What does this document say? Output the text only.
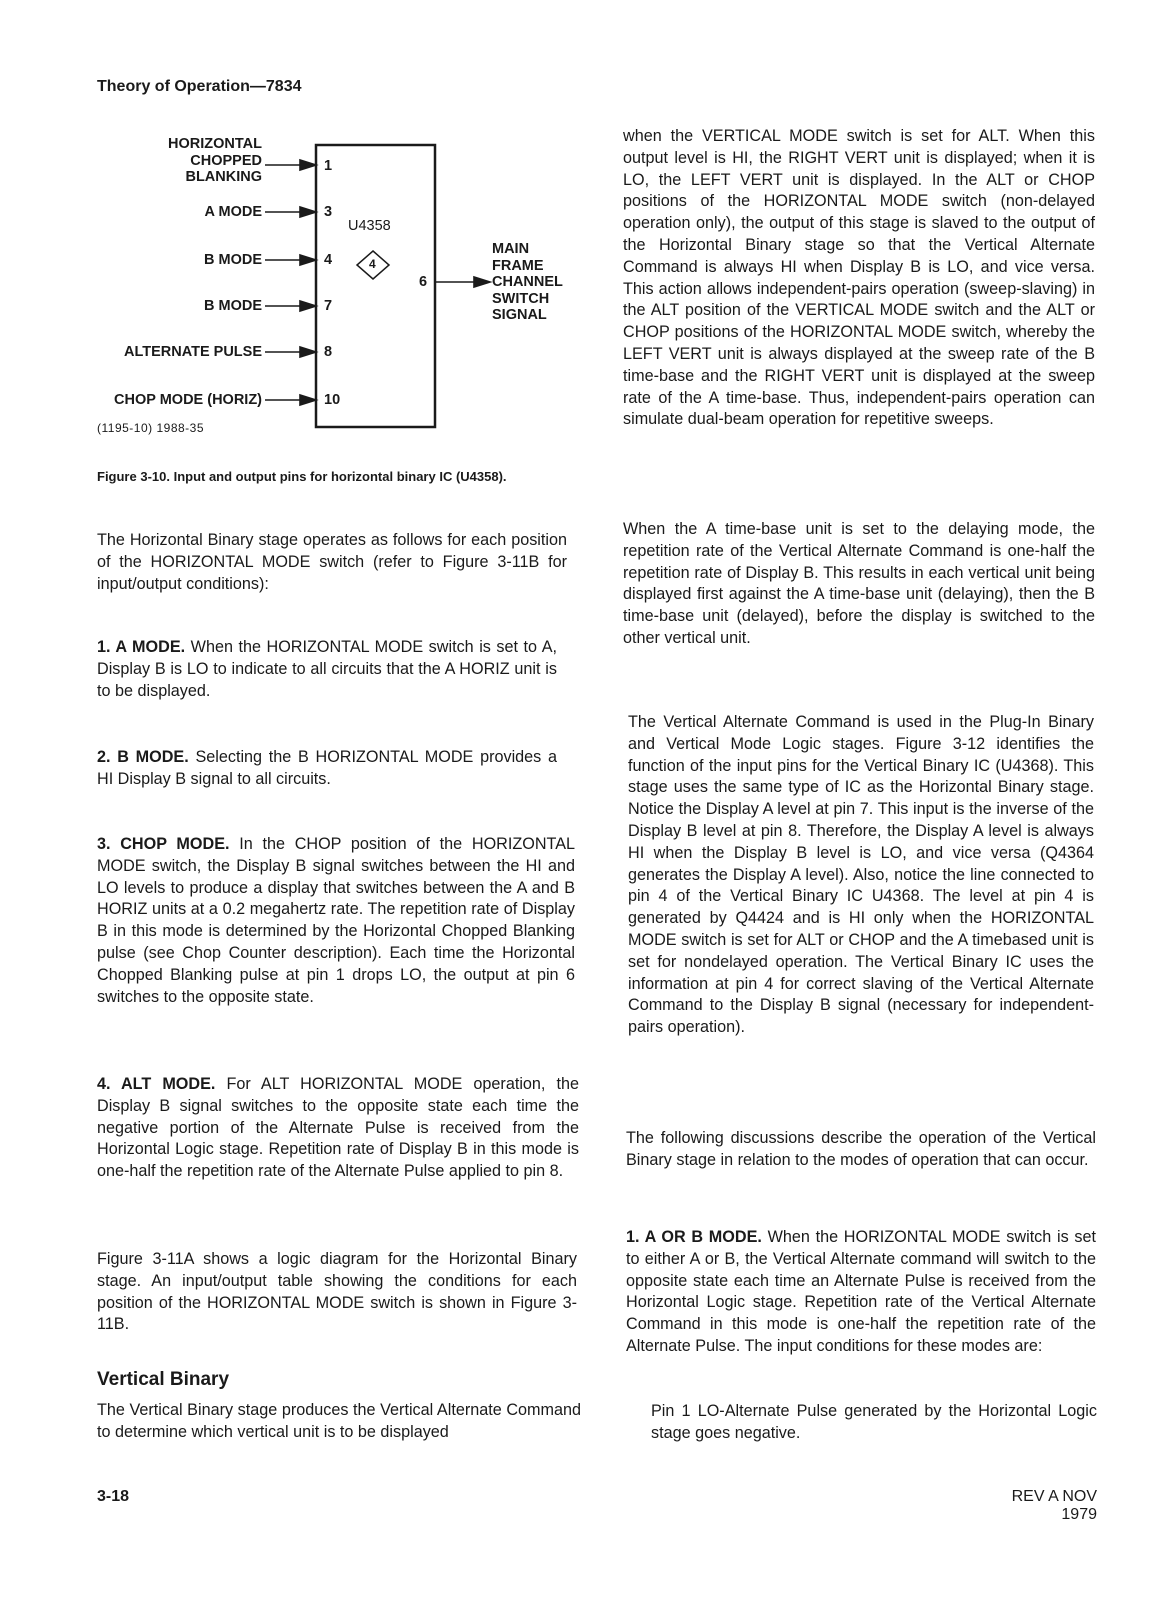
Theory of Operation—7834
HORIZONTAL
CHOPPED
BLANKING
A MODE
B MODE
B MODE
ALTERNATE PULSE
CHOP MODE (HORIZ)
1
3
4
7
8
10
6
U4358
4
MAIN
FRAME
CHANNEL
SWITCH
SIGNAL
(1195-10) 1988-35
Figure 3-10. Input and output pins for horizontal binary IC (U4358).

The Horizontal Binary stage operates as follows for each position of the HORIZONTAL MODE switch (refer to Figure 3-11B for input/output conditions):

1. A MODE. When the HORIZONTAL MODE switch is set to A, Display B is LO to indicate to all circuits that the A HORIZ unit is to be displayed.

2. B MODE. Selecting the B HORIZONTAL MODE provides a HI Display B signal to all circuits.

3. CHOP MODE. In the CHOP position of the HORIZONTAL MODE switch, the Display B signal switches between the HI and LO levels to produce a display that switches between the A and B HORIZ units at a 0.2 megahertz rate. The repetition rate of Display B in this mode is determined by the Horizontal Chopped Blanking pulse (see Chop Counter description). Each time the Horizontal Chopped Blanking pulse at pin 1 drops LO, the output at pin 6 switches to the opposite state.

4. ALT MODE. For ALT HORIZONTAL MODE operation, the Display B signal switches to the opposite state each time the negative portion of the Alternate Pulse is received from the Horizontal Logic stage. Repetition rate of Display B in this mode is one-half the repetition rate of the Alternate Pulse applied to pin 8.

Figure 3-11A shows a logic diagram for the Horizontal Binary stage. An input/output table showing the conditions for each position of the HORIZONTAL MODE switch is shown in Figure 3-11B.

Vertical Binary

The Vertical Binary stage produces the Vertical Alternate Command to determine which vertical unit is to be displayed

when the VERTICAL MODE switch is set for ALT. When this output level is HI, the RIGHT VERT unit is displayed; when it is LO, the LEFT VERT unit is displayed. In the ALT or CHOP positions of the HORIZONTAL MODE switch (non-delayed operation only), the output of this stage is slaved to the output of the Horizontal Binary stage so that the Vertical Alternate Command is always HI when Display B is LO, and vice versa. This action allows independent-pairs operation (sweep-slaving) in the ALT position of the VERTICAL MODE switch and the ALT or CHOP positions of the HORIZONTAL MODE switch, whereby the LEFT VERT unit is always displayed at the sweep rate of the B time-base and the RIGHT VERT unit is displayed at the sweep rate of the A time-base. Thus, independent-pairs operation can simulate dual-beam operation for repetitive sweeps.

When the A time-base unit is set to the delaying mode, the repetition rate of the Vertical Alternate Command is one-half the repetition rate of Display B. This results in each vertical unit being displayed first against the A time-base unit (delaying), then the B time-base unit (delayed), before the display is switched to the other vertical unit.

The Vertical Alternate Command is used in the Plug-In Binary and Vertical Mode Logic stages. Figure 3-12 identifies the function of the input pins for the Vertical Binary IC (U4368). This stage uses the same type of IC as the Horizontal Binary stage. Notice the Display A level at pin 7. This input is the inverse of the Display B level at pin 8. Therefore, the Display A level is always HI when the Display B level is LO, and vice versa (Q4364 generates the Display A level). Also, notice the line connected to pin 4 of the Vertical Binary IC U4368. The level at pin 4 is generated by Q4424 and is HI only when the HORIZONTAL MODE switch is set for ALT or CHOP and the A timebased unit is set for nondelayed operation. The Vertical Binary IC uses the information at pin 4 for correct slaving of the Vertical Alternate Command to the Display B signal (necessary for independent-pairs operation).

The following discussions describe the operation of the Vertical Binary stage in relation to the modes of operation that can occur.

1. A OR B MODE. When the HORIZONTAL MODE switch is set to either A or B, the Vertical Alternate command will switch to the opposite state each time an Alternate Pulse is received from the Horizontal Logic stage. Repetition rate of the Vertical Alternate Command in this mode is one-half the repetition rate of the Alternate Pulse. The input conditions for these modes are:

Pin 1 LO-Alternate Pulse generated by the Horizontal Logic stage goes negative.

3-18	REV A NOV 1979
